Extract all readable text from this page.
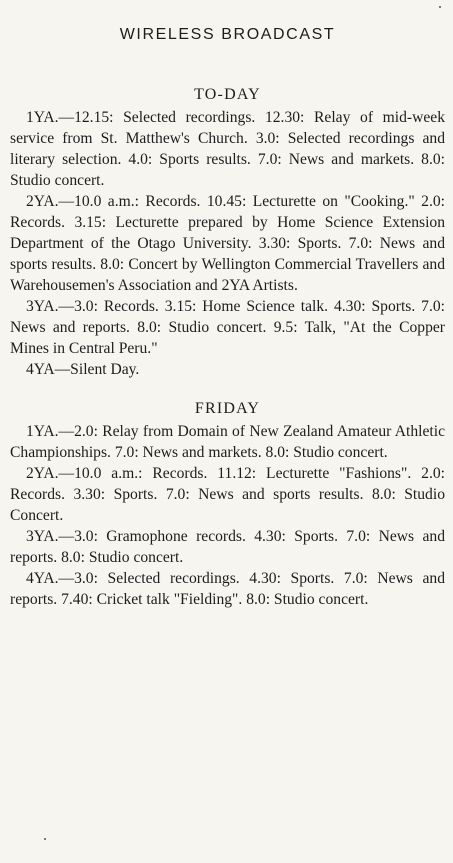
WIRELESS BROADCAST
TO-DAY

1YA.—12.15: Selected recordings. 12.30: Relay of mid-week service from St. Matthew's Church. 3.0: Selected recordings and literary selection. 4.0: Sports results. 7.0: News and markets. 8.0: Studio concert.

2YA.—10.0 a.m.: Records. 10.45: Lecturette on "Cooking." 2.0: Records. 3.15: Lecturette prepared by Home Science Extension Department of the Otago University. 3.30: Sports. 7.0: News and sports results. 8.0: Concert by Wellington Commercial Travellers and Warehousemen's Association and 2YA Artists.

3YA.—3.0: Records. 3.15: Home Science talk. 4.30: Sports. 7.0: News and reports. 8.0: Studio concert. 9.5: Talk, "At the Copper Mines in Central Peru."

4YA—Silent Day.

FRIDAY

1YA.—2.0: Relay from Domain of New Zealand Amateur Athletic Championships. 7.0: News and markets. 8.0: Studio concert.

2YA.—10.0 a.m.: Records. 11.12: Lecturette "Fashions". 2.0: Records. 3.30: Sports. 7.0: News and sports results. 8.0: Studio Concert.

3YA.—3.0: Gramophone records. 4.30: Sports. 7.0: News and reports. 8.0: Studio concert.

4YA.—3.0: Selected recordings. 4.30: Sports. 7.0: News and reports. 7.40: Cricket talk "Fielding". 8.0: Studio concert.
